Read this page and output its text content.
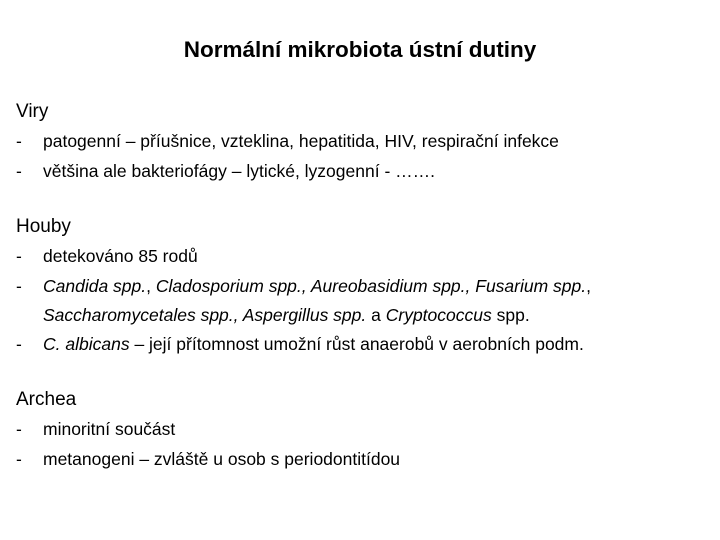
Normální mikrobiota ústní dutiny
Viry
- patogenní – příušnice, vzteklina, hepatitida, HIV, respirační infekce
- většina ale bakteriofágy – lytické, lyzogenní - …….
Houby
- detekováno 85 rodů
- Candida spp., Cladosporium spp., Aureobasidium spp., Fusarium spp.,
Saccharomycetales spp., Aspergillus spp. a Cryptococcus spp.
- C. albicans – její přítomnost umožní růst anaerobů v aerobních podm.
Archea
- minoritní součást
- metanogeni – zvláště u osob s periodontitídou
